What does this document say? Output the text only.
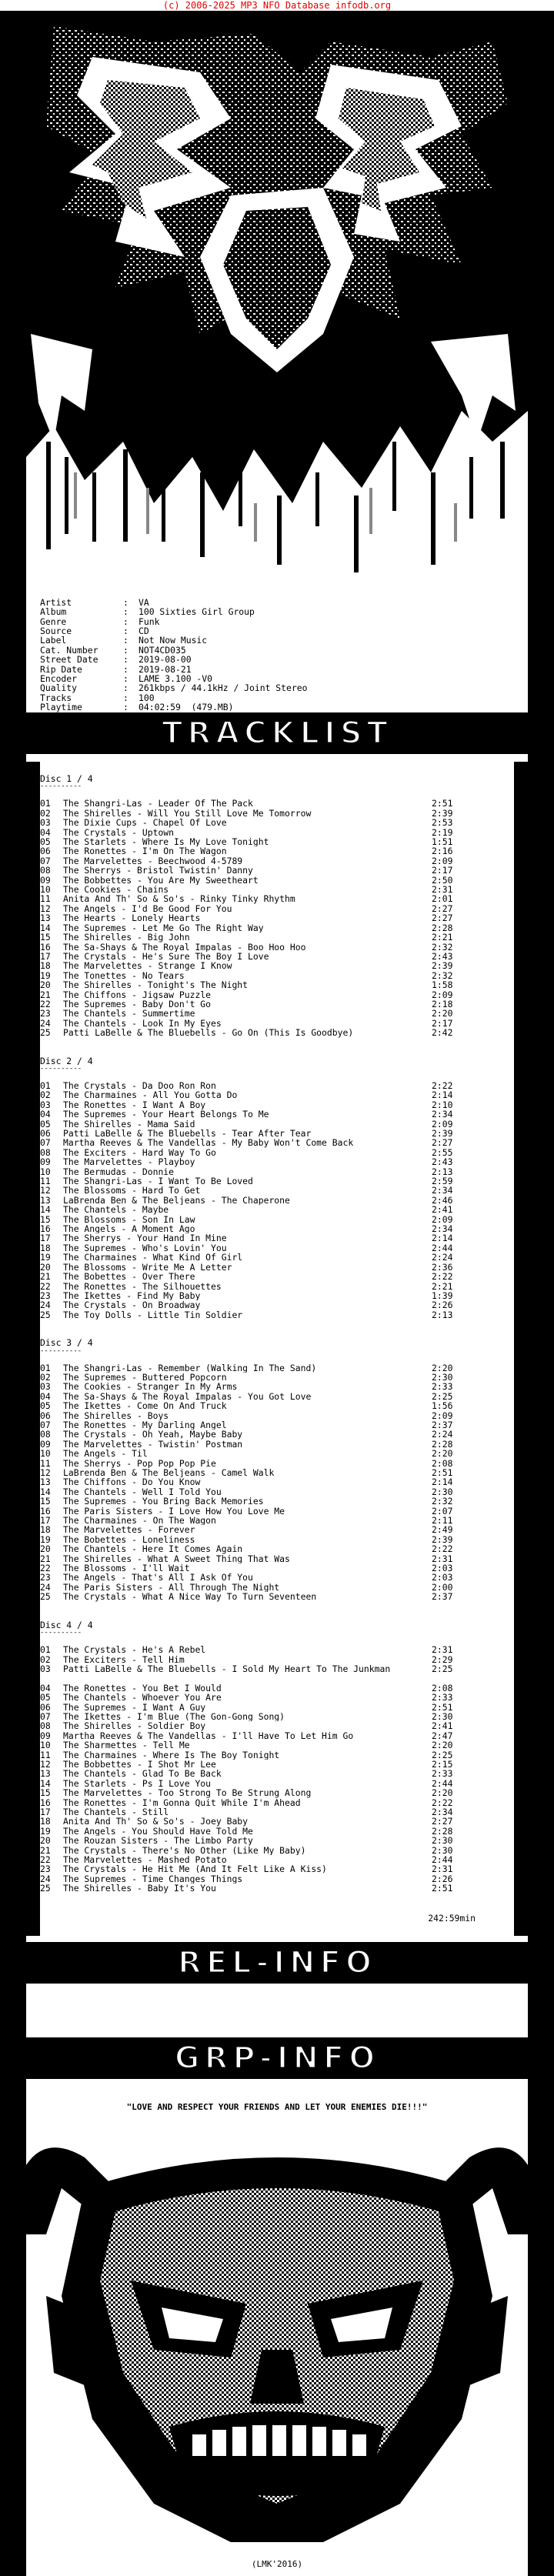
(c) 2006-2025 MP3 NFO Database infodb.org

Artist	:	VA
Album	:	100 Sixties Girl Group
Genre	:	Funk
Source	:	CD
Label	:	Not Now Music
Cat. Number	:	NOT4CD035
Street Date	:	2019-08-00
Rip Date	:	2019-08-21
Encoder	:	LAME 3.100 -V0
Quality	:	261kbps / 44.1kHz / Joint Stereo
Tracks	:	100
Playtime	:	04:02:59  (479.MB)

TRACKLIST
Disc 1 / 4
----------
01	The Shangri-Las - Leader Of The Pack	2:51
02	The Shirelles - Will You Still Love Me Tomorrow	2:39
03	The Dixie Cups - Chapel Of Love	2:53
04	The Crystals - Uptown	2:19
05	The Starlets - Where Is My Love Tonight	1:51
06	The Ronettes - I'm On The Wagon	2:16
07	The Marvelettes - Beechwood 4-5789	2:09
08	The Sherrys - Bristol Twistin' Danny	2:17
09	The Bobbettes - You Are My Sweetheart	2:50
10	The Cookies - Chains	2:31
11	Anita And Th' So & So's - Rinky Tinky Rhythm	2:01
12	The Angels - I'd Be Good For You	2:27
13	The Hearts - Lonely Hearts	2:27
14	The Supremes - Let Me Go The Right Way	2:28
15	The Shirelles - Big John	2:21
16	The Sa-Shays & The Royal Impalas - Boo Hoo Hoo	2:32
17	The Crystals - He's Sure The Boy I Love	2:43
18	The Marvelettes - Strange I Know	2:39
19	The Tonettes - No Tears	2:32
20	The Shirelles - Tonight's The Night	1:58
21	The Chiffons - Jigsaw Puzzle	2:09
22	The Supremes - Baby Don't Go	2:18
23	The Chantels - Summertime	2:20
24	The Chantels - Look In My Eyes	2:17
25	Patti LaBelle & The Bluebells - Go On (This Is Goodbye)	2:42
Disc 2 / 4
----------
01	The Crystals - Da Doo Ron Ron	2:22
02	The Charmaines - All You Gotta Do	2:14
03	The Ronettes - I Want A Boy	2:10
04	The Supremes - Your Heart Belongs To Me	2:34
05	The Shirelles - Mama Said	2:09
06	Patti LaBelle & The Bluebells - Tear After Tear	2:39
07	Martha Reeves & The Vandellas - My Baby Won't Come Back	2:27
08	The Exciters - Hard Way To Go	2:55
09	The Marvelettes - Playboy	2:43
10	The Bermudas - Donnie	2:13
11	The Shangri-Las - I Want To Be Loved	2:59
12	The Blossoms - Hard To Get	2:34
13	LaBrenda Ben & The Beljeans - The Chaperone	2:46
14	The Chantels - Maybe	2:41
15	The Blossoms - Son In Law	2:09
16	The Angels - A Moment Ago	2:34
17	The Sherrys - Your Hand In Mine	2:14
18	The Supremes - Who's Lovin' You	2:44
19	The Charmaines - What Kind Of Girl	2:24
20	The Blossoms - Write Me A Letter	2:36
21	The Bobettes - Over There	2:22
22	The Ronettes - The Silhouettes	2:21
23	The Ikettes - Find My Baby	1:39
24	The Crystals - On Broadway	2:26
25	The Toy Dolls - Little Tin Soldier	2:13
Disc 3 / 4
----------
01	The Shangri-Las - Remember (Walking In The Sand)	2:20
02	The Supremes - Buttered Popcorn	2:30
03	The Cookies - Stranger In My Arms	2:33
04	The Sa-Shays & The Royal Impalas - You Got Love	2:25
05	The Ikettes - Come On And Truck	1:56
06	The Shirelles - Boys	2:09
07	The Ronettes - My Darling Angel	2:37
08	The Crystals - Oh Yeah, Maybe Baby	2:24
09	The Marvelettes - Twistin' Postman	2:28
10	The Angels - Til	2:20
11	The Sherrys - Pop Pop Pop Pie	2:08
12	LaBrenda Ben & The Beljeans - Camel Walk	2:51
13	The Chiffons - Do You Know	2:14
14	The Chantels - Well I Told You	2:30
15	The Supremes - You Bring Back Memories	2:32
16	The Paris Sisters - I Love How You Love Me	2:07
17	The Charmaines - On The Wagon	2:11
18	The Marvelettes - Forever	2:49
19	The Bobettes - Loneliness	2:39
20	The Chantels - Here It Comes Again	2:22
21	The Shirelles - What A Sweet Thing That Was	2:31
22	The Blossoms - I'll Wait	2:03
23	The Angels - That's All I Ask Of You	2:03
24	The Paris Sisters - All Through The Night	2:00
25	The Crystals - What A Nice Way To Turn Seventeen	2:37
Disc 4 / 4
----------
01	The Crystals - He's A Rebel	2:31
02	The Exciters - Tell Him	2:29
03	Patti LaBelle & The Bluebells - I Sold My Heart To The Junkman	2:25
04	The Ronettes - You Bet I Would	2:08
05	The Chantels - Whoever You Are	2:33
06	The Supremes - I Want A Guy	2:51
07	The Ikettes - I'm Blue (The Gon-Gong Song)	2:30
08	The Shirelles - Soldier Boy	2:41
09	Martha Reeves & The Vandellas - I'll Have To Let Him Go	2:47
10	The Sharmettes - Tell Me	2:20
11	The Charmaines - Where Is The Boy Tonight	2:25
12	The Bobbettes - I Shot Mr Lee	2:15
13	The Chantels - Glad To Be Back	2:33
14	The Starlets - Ps I Love You	2:44
15	The Marvelettes - Too Strong To Be Strung Along	2:20
16	The Ronettes - I'm Gonna Quit While I'm Ahead	2:22
17	The Chantels - Still	2:34
18	Anita And Th' So & So's - Joey Baby	2:27
19	The Angels - You Should Have Told Me	2:28
20	The Rouzan Sisters - The Limbo Party	2:30
21	The Crystals - There's No Other (Like My Baby)	2:30
22	The Marvelettes - Mashed Potato	2:44
23	The Crystals - He Hit Me (And It Felt Like A Kiss)	2:31
24	The Supremes - Time Changes Things	2:26
25	The Shirelles - Baby It's You	2:51
242:59min
REL-INFO
GRP-INFO
"LOVE AND RESPECT YOUR FRIENDS AND LET YOUR ENEMIES DIE!!!"
(LMK'2016)
